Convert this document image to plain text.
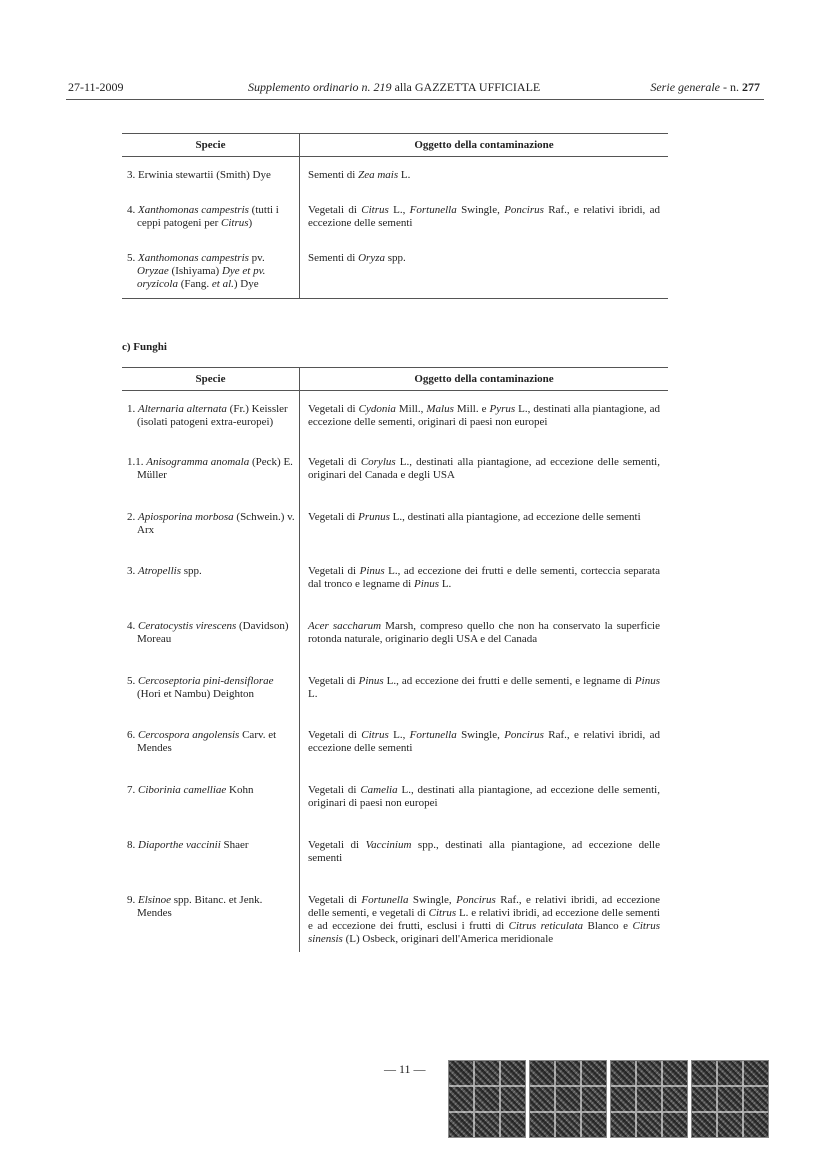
27-11-2009	Supplemento ordinario n. 219 alla GAZZETTA UFFICIALE	Serie generale - n. 277
Specie	Oggetto della contaminazione

3. Erwinia stewartii (Smith) Dye	Sementi di Zea mais L.

4. Xanthomonas campestris (tutti i ceppi patogeni per Citrus)	Vegetali di Citrus L., Fortunella Swingle, Poncirus Raf., e relativi ibridi, ad eccezione delle sementi

5. Xanthomonas campestris pv. Oryzae (Ishiyama) Dye et pv. oryzicola (Fang. et al.) Dye	Sementi di Oryza spp.
c) Funghi
Specie	Oggetto della contaminazione

1. Alternaria alternata (Fr.) Keissler (isolati patogeni extra-europei)	Vegetali di Cydonia Mill., Malus Mill. e Pyrus L., destinati alla piantagione, ad eccezione delle sementi, originari di paesi non europei

1.1. Anisogramma anomala (Peck) E. Müller	Vegetali di Corylus L., destinati alla piantagione, ad eccezione delle sementi, originari del Canada e degli USA

2. Apiosporina morbosa (Schwein.) v. Arx	Vegetali di Prunus L., destinati alla piantagione, ad eccezione delle sementi

3. Atropellis spp.	Vegetali di Pinus L., ad eccezione dei frutti e delle sementi, corteccia separata dal tronco e legname di Pinus L.

4. Ceratocystis virescens (Davidson) Moreau	Acer saccharum Marsh, compreso quello che non ha conservato la superficie rotonda naturale, originario degli USA e del Canada

5. Cercoseptoria pini-densiflorae (Hori et Nambu) Deighton	Vegetali di Pinus L., ad eccezione dei frutti e delle sementi, e legname di Pinus L.

6. Cercospora angolensis Carv. et Mendes	Vegetali di Citrus L., Fortunella Swingle, Poncirus Raf., e relativi ibridi, ad eccezione delle sementi

7. Ciborinia camelliae Kohn	Vegetali di Camelia L., destinati alla piantagione, ad eccezione delle sementi, originari di paesi non europei

8. Diaporthe vaccinii Shaer	Vegetali di Vaccinium spp., destinati alla piantagione, ad eccezione delle sementi

9. Elsinoe spp. Bitanc. et Jenk. Mendes	Vegetali di Fortunella Swingle, Poncirus Raf., e relativi ibridi, ad eccezione delle sementi, e vegetali di Citrus L. e relativi ibridi, ad eccezione delle sementi e ad eccezione dei frutti, esclusi i frutti di Citrus reticulata Blanco e Citrus sinensis (L) Osbeck, originari dell'America meridionale
— 11 —
